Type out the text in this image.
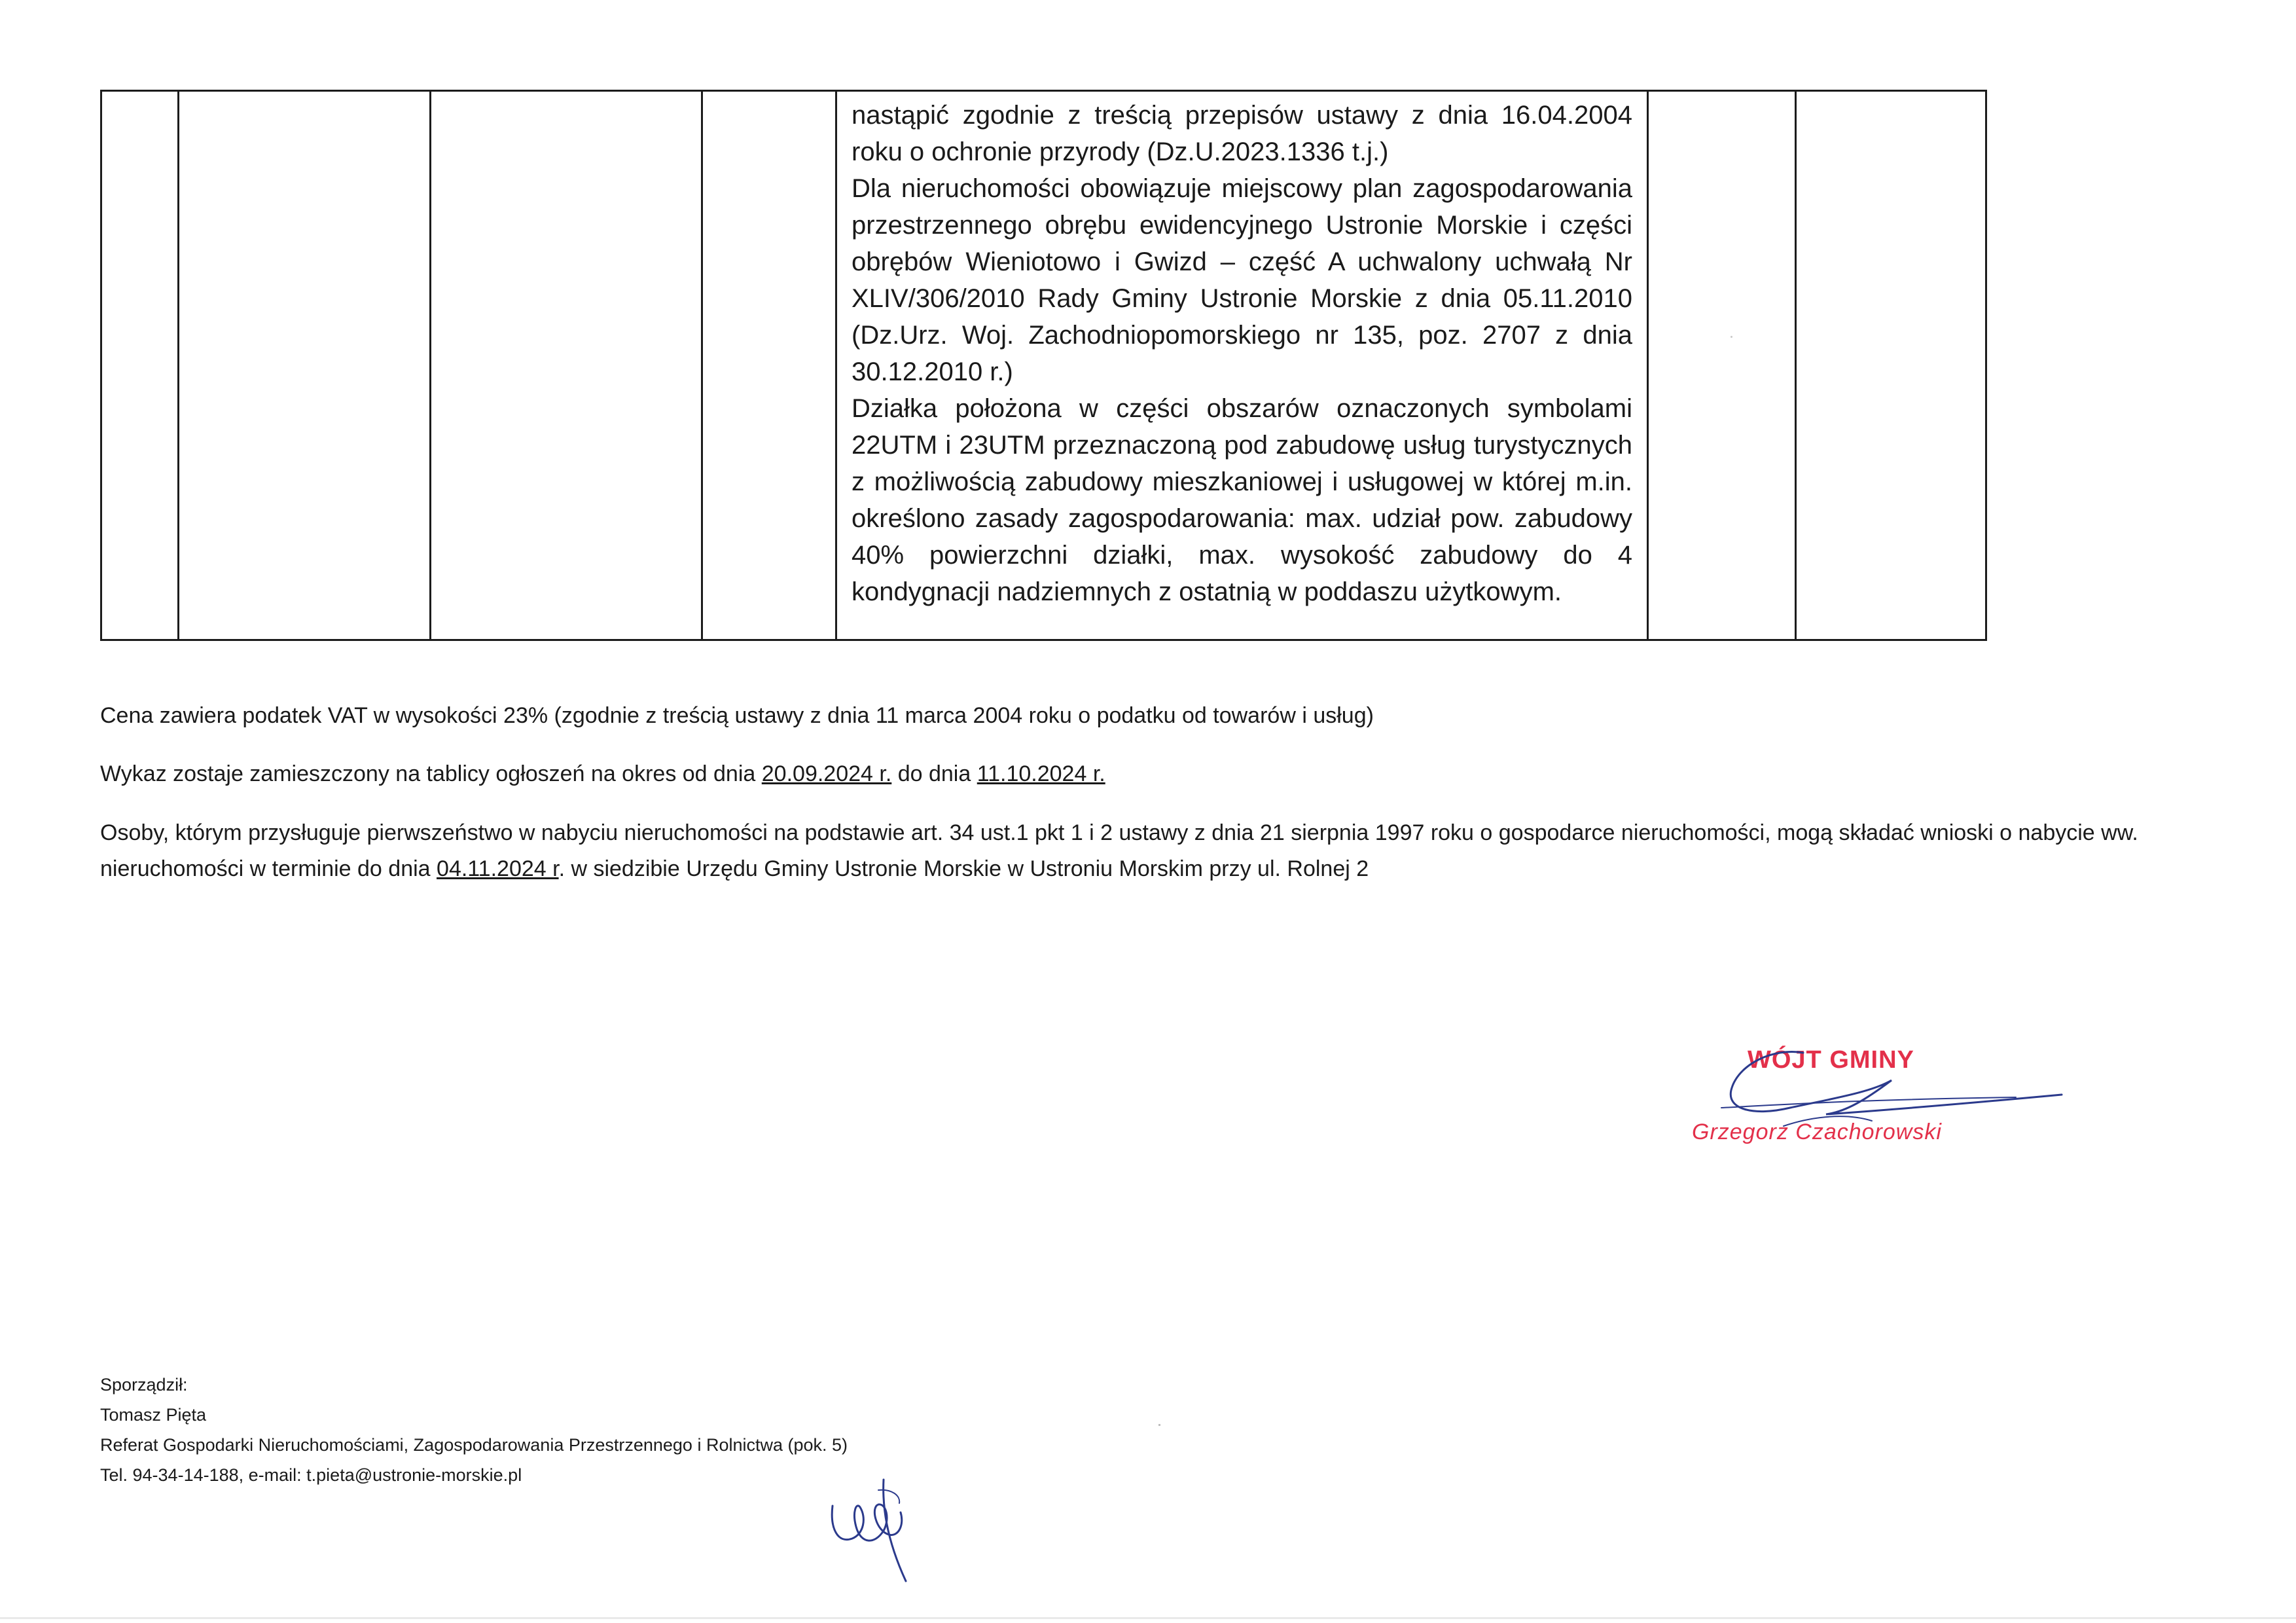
nastąpić zgodnie z treścią przepisów ustawy z dnia 16.04.2004 roku o ochronie przyrody (Dz.U.2023.1336 t.j.)

Dla nieruchomości obowiązuje miejscowy plan zagospodarowania przestrzennego obrębu ewidencyjnego Ustronie Morskie i części obrębów Wieniotowo i Gwizd – część A uchwalony uchwałą Nr XLIV/306/2010 Rady Gminy Ustronie Morskie z dnia 05.11.2010 (Dz.Urz. Woj. Zachodniopomorskiego nr 135, poz. 2707 z dnia 30.12.2010 r.)

Działka położona w części obszarów oznaczonych symbolami 22UTM i 23UTM przeznaczoną pod zabudowę usług turystycznych z możliwością zabudowy mieszkaniowej i usługowej w której m.in. określono zasady zagospodarowania: max. udział pow. zabudowy 40% powierzchni działki, max. wysokość zabudowy do 4 kondygnacji nadziemnych z ostatnią w poddaszu użytkowym.

Cena zawiera podatek VAT w wysokości 23% (zgodnie z treścią ustawy z dnia 11 marca 2004 roku o podatku od towarów i usług)

Wykaz zostaje zamieszczony na tablicy ogłoszeń na okres od dnia 20.09.2024 r. do dnia 11.10.2024 r.

Osoby, którym przysługuje pierwszeństwo w nabyciu nieruchomości na podstawie art. 34 ust.1 pkt 1 i 2 ustawy z dnia 21 sierpnia 1997 roku o gospodarce nieruchomości, mogą składać wnioski o nabycie ww. nieruchomości w terminie do dnia 04.11.2024 r. w siedzibie Urzędu Gminy Ustronie Morskie w Ustroniu Morskim przy ul. Rolnej 2

WÓJT GMINY
Grzegorz Czachorowski
Sporządził:
Tomasz Pięta
Referat Gospodarki Nieruchomościami, Zagospodarowania Przestrzennego i Rolnictwa (pok. 5)
Tel. 94-34-14-188, e-mail: t.pieta@ustronie-morskie.pl
